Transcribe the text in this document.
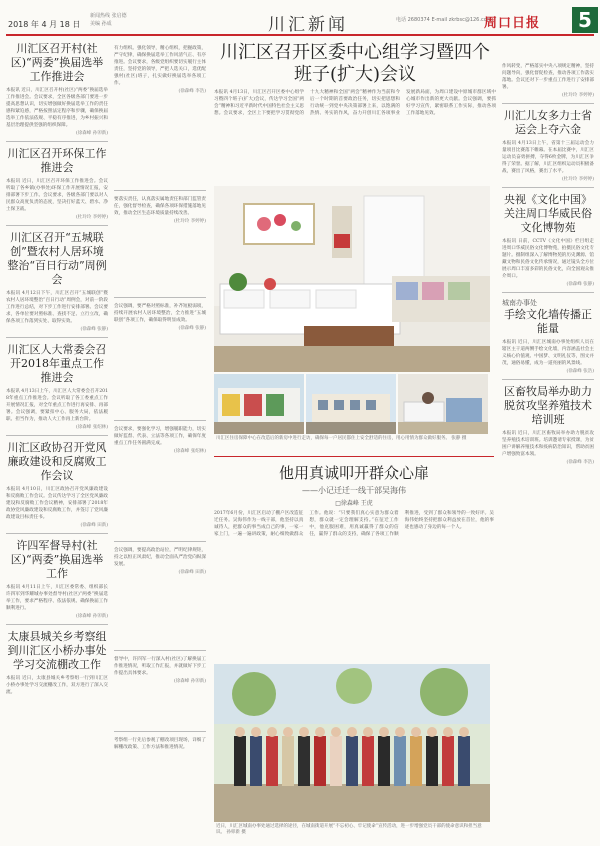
2018 年 4 月 18 日
新闻热线 张启德
美编 孙成	川汇新闻	电话 2680374 E-mail zkrbsc@126.com
周口日报	5
川汇区召开村(社区)“两委”换届选举工作推进会
本报讯 近日，川汇区召开村(社区)“两委”换届选举工作推进会。会议要求，全区各级各部门要进一步提高思想认识，切实增强做好换届选举工作的责任感和紧迫感，严格按照法定程序和步骤，确保换届选举工作依法依规、平稳有序推进，为乡村振兴和基层治理提供坚强的组织保障。
(徐森峰 孙卯新)
川汇区召开环保工作推进会
本报讯 近日，川汇区召开环保工作推进会。会议听取了各乡镇(办事处)环保工作开展情况汇报，安排部署下步工作。会议要求，各级各部门要以对人民群众高度负责的态度，坚决打好蓝天、碧水、净土保卫战。
(杜玲玲 李婷婷)
川汇区召开“五城联创”暨农村人居环境整治“百日行动”周例会
本报讯 4月12日下午，川汇区召开“五城联创”暨农村人居环境整治“百日行动”周例会，对前一阶段工作进行总结，对下步工作进行安排部署。会议要求，各单位要对照标准、查找不足、立行立改，确保各项工作落到实处、取得实效。
(徐森峰 张静)
川汇区人大常委会召开2018年重点工作推进会
本报讯 4月13日上午，川汇区人大常委会召开2018年重点工作推进会。会议听取了各工委重点工作开展情况汇报，对全年重点工作进行再安排、再部署。会议强调，要紧扣中心、服务大局，依法履职、担当作为，推动人大工作再上新台阶。
(徐森峰 张绍林)
川汇区政协召开党风廉政建设和反腐败工作会议
本报讯 4月10日，川汇区政协召开党风廉政建设和反腐败工作会议。会议传达学习了全区党风廉政建设和反腐败工作会议精神，安排部署了2018年政协党风廉政建设和反腐败工作，并签订了党风廉政建设目标责任书。
(徐森峰 田新)
许四军督导村(社区)“两委”换届选举工作
本报讯 4月11日上午，川汇区委常委、组织部长许四军到华耀城办事处督导村(社区)“两委”换届选举工作，要求严格程序、依法依规、确保换届工作顺利进行。
(徐森峰 孙卯新)
太康县城关乡考察组到川汇区小桥办事处学习交流棚改工作
本报讯 近日，太康县城关乡考察组一行到川汇区小桥办事处学习交流棚改工作，双方进行了深入交流。
有力组织。强化领导，精心组织，把握政策，严守纪律，确保换届选举工作风清气正、有序推进。会议要求，各级党组织要切实履行主体责任，坚持党的领导，严把人选关口，选优配强村(社区)班子，扎实做好换届选举各项工作。
(徐森峰 李浩)
要落实责任，认真落实属地责任和部门监管责任，强化督导检查，确保各项环保措施落地见效，推动全区生态环境质量持续改善。
(杜玲玲 李婷婷)
会议强调，要严格对照标准，补齐短板弱项，持续开展农村人居环境整治，全力推进“五城联创”各项工作，确保取得明显成效。
(徐森峰 张静)
会议要求，要强化学习，增强履职能力，切实做好监督、代表、立法等各项工作，确保年度重点工作任务圆满完成。
(徐森峰 张绍林)
会议强调，要提高政治站位，严明纪律规矩，持之以恒正风肃纪，推动全面从严治党向纵深发展。
(徐森峰 田新)
督导中，许四军一行深入村(社区)了解换届工作推进情况，听取工作汇报，并就做好下步工作提出具体要求。
(徐森峰 孙卯新)
考察组一行先后参观了棚改项目现场，详细了解棚改政策、工作方法和推进情况。
川汇区召开区委中心组学习暨四个班子(扩大)会议
本报讯 4月13日，川汇区召开区委中心组学习暨四个班子(扩大)会议，传达学习全国“两会”精神和习近平新时代中国特色社会主义思想。会议要求，全区上下要把学习贯彻党的十九大精神和全国“两会”精神作为当前和今后一个时期的首要政治任务，切实把思想和行动统一到党中央决策部署上来，以饱满的热情、务实的作风，奋力开创川汇各项事业发展新局面，为周口建设中原城市群区域中心城市作出新的更大贡献。会议强调，要抓好学习宣传，紧密联系工作实际，推动各项工作落地见效。
川汇区住房保障中心在改造后的新房中进行走访，确保每一户居民都住上安全舒适的住房，用心用情为群众做好服务。 张静 摄
他用真诚叩开群众心扉
——小记迁迁一线干部吴海伟
□徐森峰 王虎
2017年6月份，川汇区启动了棚户区改造征迁任务。吴海伟作为一线干部，他坚持以真诚待人，把群众的事当成自己的事，一家一家上门，一遍一遍讲政策，耐心细致做群众工作。他说：“只要我们真心实意为群众着想，群众就一定会理解支持。”在征迁工作中，他克服困难，用真诚赢得了群众的信任，赢得了群众的支持，确保了各项工作顺利推进，受到了群众和领导的一致好评。吴海伟始终坚持把群众利益放在首位，他的事迹也感动了身边的每一个人。
近日，川汇区城南办事处通过选择的途径，在城南街道开展“不忘初心、牢记使命”宣传活动，进一步增强党员干部的使命意识和担当意识。 孙卯新 摄
作风转变，严格落实中央八项规定精神，坚持问题导向，强化督促检查，推动各项工作落实落地。会议还对下一步重点工作进行了安排部署。
(杜玲玲 李婷婷)
川汇儿女多力士省运会上夺六金
本报讯 4月13日上午，省第十三届运动会力量项目比赛落下帷幕。在本届比赛中，川汇区运动员奋勇拼搏，夺得6枚金牌，为川汇区争得了荣誉。据了解，川汇区组织运动员积极备战，赛出了风格，赛出了水平。
(杜玲玲 李婷婷)
央视《文化中国》关注周口华威民俗文化博物苑
本报讯 日前，CCTV《文化中国》栏目组走进周口华威民俗文化博物苑，拍摄民俗文化专题片。摄制组深入了解博物苑的历史渊源、馆藏文物和民俗文化传承情况，通过镜头全方位展示周口丰富多彩的民俗文化，向全国观众推介周口。
(徐森峰 张静)
城南办事处
手绘文化墙传播正能量
本报讯 近日，川汇区城南办事处组织人员在辖区主干道两侧手绘文化墙，内容涵盖社会主义核心价值观、中国梦、文明礼仪等，图文并茂，通俗易懂，成为一道亮丽的风景线。
(徐森峰 张浩)
区畜牧局举办助力脱贫攻坚养殖技术培训班
本报讯 近日，川汇区畜牧局举办助力脱贫攻坚养殖技术培训班。培训邀请专家授课，为贫困户讲解养殖技术和疫病防治知识，帮助贫困户增强致富本领。
(徐森峰 李浩)
